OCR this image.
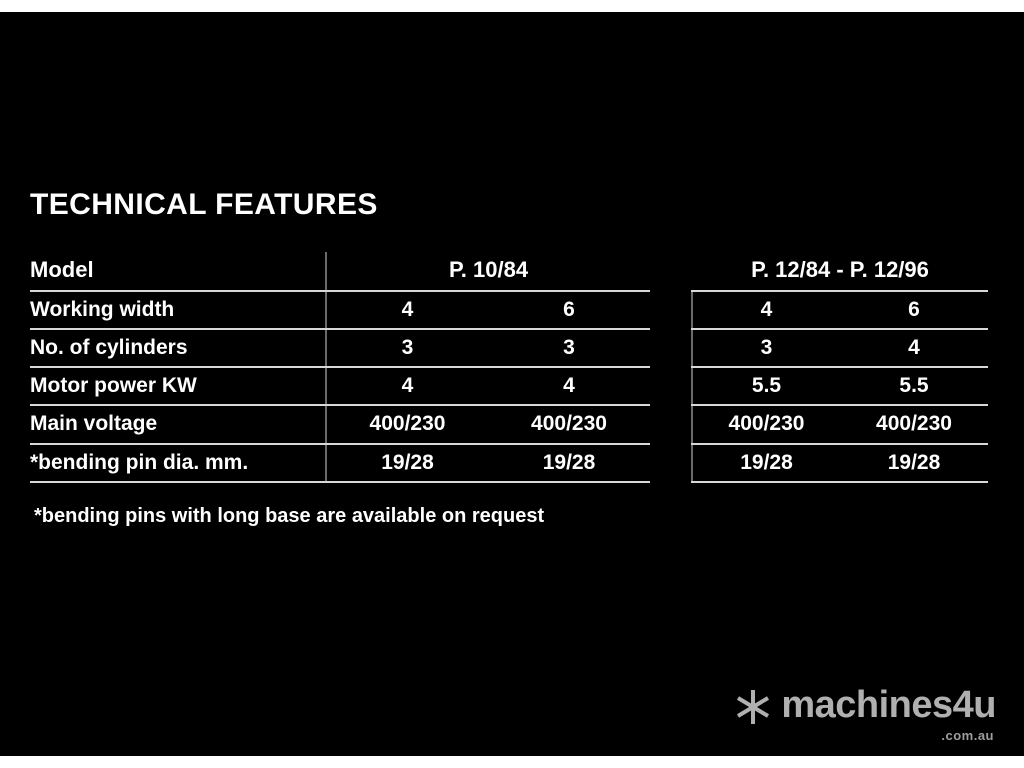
TECHNICAL FEATURES
Model	P. 10/84			P. 12/84 - P. 12/96	
Working width	4	6		4	6
No. of cylinders	3	3		3	4
Motor power KW	4	4		5.5	5.5
Main voltage	400/230	400/230		400/230	400/230
*bending pin dia. mm.	19/28	19/28		19/28	19/28
*bending pins with long base are available on request
machines4u
.com.au
